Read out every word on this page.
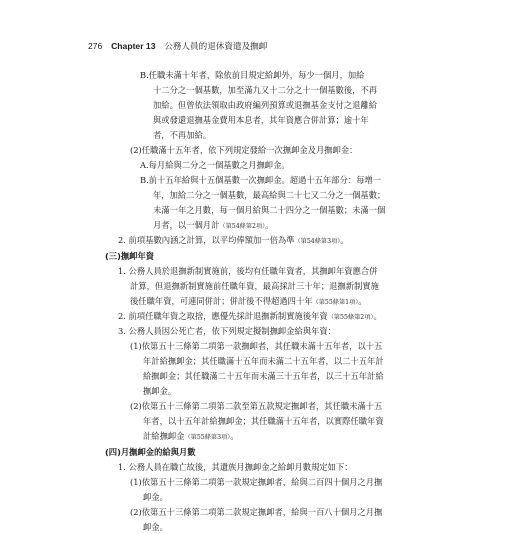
276 Chapter 13 公務人員的退休資遣及撫卹
B.任職未滿十年者，除依前目規定給卹外，每少一個月，加給
十二分之一個基數，加至滿九又十二分之十一個基數後，不再
加給。但曾依法領取由政府編列預算或退撫基金支付之退離給
與或發還退撫基金費用本息者，其年資應合併計算；逾十年
者，不再加給。
(2)任職滿十五年者，依下列規定發給一次撫卹金及月撫卹金：
A.每月給與二分之一個基數之月撫卹金。
B.前十五年給與十五個基數一次撫卹金。超過十五年部分：每增一
年，加給二分之一個基數，最高給與二十七又二分之一個基數；
未滿一年之月數，每一個月給與二十四分之一個基數；未滿一個
月者，以一個月計（第54條第2項）。
2. 前項基數內涵之計算，以平均俸額加一倍為準（第54條第3項）。
(三)撫卹年資
1. 公務人員於退撫新制實施前，後均有任職年資者，其撫卹年資應合併
計算，但退撫新制實施前任職年資，最高採計三十年；退撫新制實施
後任職年資，可連同併計；併計後不得超過四十年（第55條第1項）。
2. 前項任職年資之取捨，應優先採計退撫新制實施後年資（第55條第2項）。
3. 公務人員因公死亡者，依下列規定擬制撫卹金給與年資：
(1)依第五十三條第二項第一款撫卹者，其任職未滿十五年者，以十五
年計給撫卹金；其任職滿十五年而未滿二十五年者，以二十五年計
給撫卹金；其任職滿二十五年而未滿三十五年者，以三十五年計給
撫卹金。
(2)依第五十三條第二項第二款至第五款規定撫卹者，其任職未滿十五
年者，以十五年計給撫卹金；其任職滿十五年者，以實際任職年資
計給撫卹金（第55條第3項）。
(四)月撫卹金的給與月數
1. 公務人員在職亡故後，其遺族月撫卹金之給卹月數規定如下：
(1)依第五十三條第二項第一款規定撫卹者，給與二百四十個月之月撫
卹金。
(2)依第五十三條第二項第二款規定撫卹者，給與一百八十個月之月撫
卹金。
